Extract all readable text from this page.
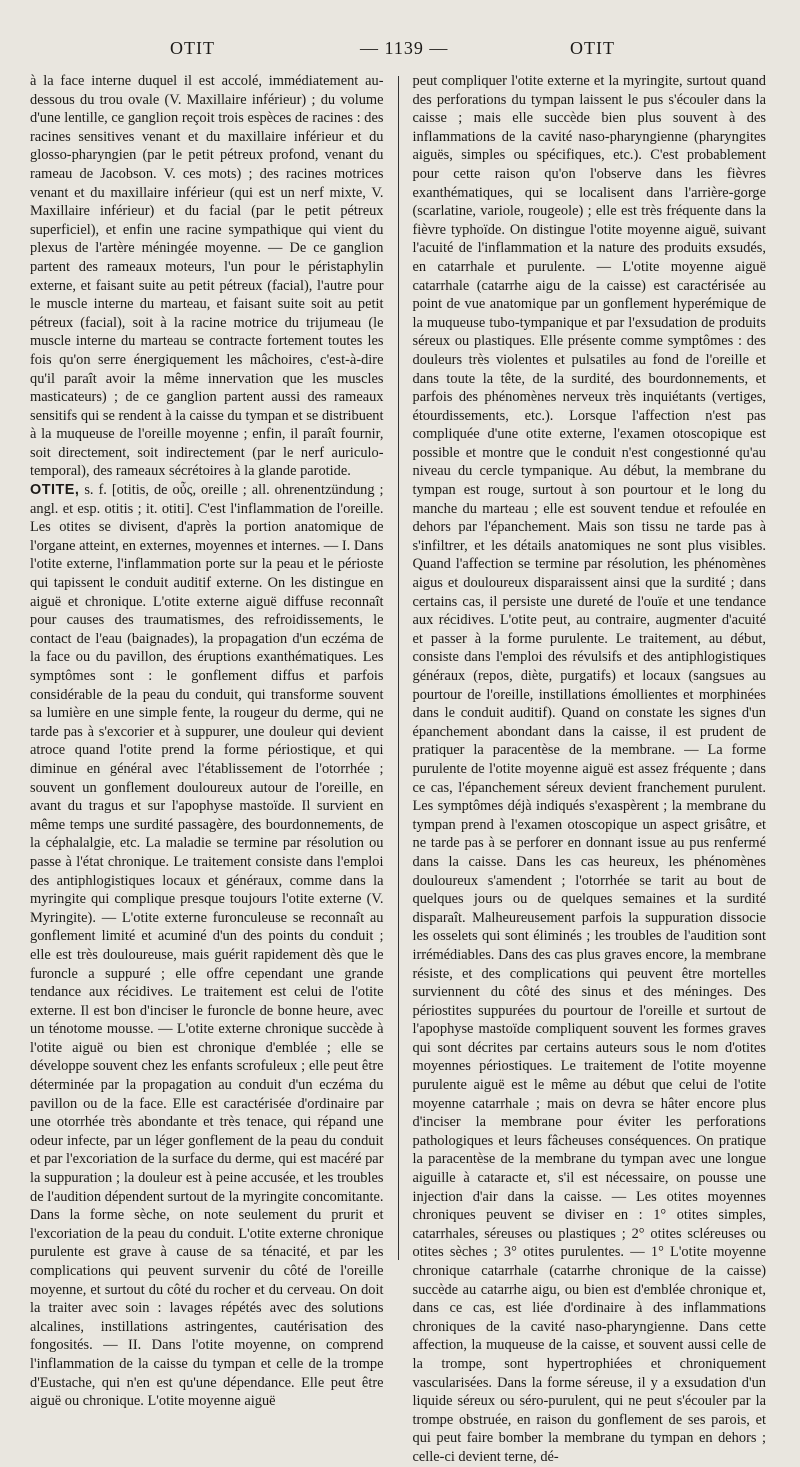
OTIT	— 1139 —	OTIT

à la face interne duquel il est accolé, immédiatement au-dessous du trou ovale (V. Maxillaire inférieur) ; du volume d'une lentille, ce ganglion reçoit trois espèces de racines : des racines sensitives venant et du maxillaire inférieur et du glosso-pharyngien (par le petit pétreux profond, venant du rameau de Jacobson. V. ces mots) ; des racines motrices venant et du maxillaire inférieur (qui est un nerf mixte, V. Maxillaire inférieur) et du facial (par le petit pétreux superficiel), et enfin une racine sympathique qui vient du plexus de l'artère méningée moyenne. — De ce ganglion partent des rameaux moteurs, l'un pour le péristaphylin externe, et faisant suite au petit pétreux (facial), l'autre pour le muscle interne du marteau, et faisant suite soit au petit pétreux (facial), soit à la racine motrice du trijumeau (le muscle interne du marteau se contracte fortement toutes les fois qu'on serre énergiquement les mâchoires, c'est-à-dire qu'il paraît avoir la même innervation que les muscles masticateurs) ; de ce ganglion partent aussi des rameaux sensitifs qui se rendent à la caisse du tympan et se distribuent à la muqueuse de l'oreille moyenne ; enfin, il paraît fournir, soit directement, soit indirectement (par le nerf auriculo-temporal), des rameaux sécrétoires à la glande parotide.

OTITE, s. f. [otitis, de οὖς, oreille ; all. ohrenentzündung ; angl. et esp. otitis ; it. otiti]. C'est l'inflammation de l'oreille. Les otites se divisent, d'après la portion anatomique de l'organe atteint, en externes, moyennes et internes. — I. Dans l'otite externe, l'inflammation porte sur la peau et le périoste qui tapissent le conduit auditif externe. On les distingue en aiguë et chronique. L'otite externe aiguë diffuse reconnaît pour causes des traumatismes, des refroidissements, le contact de l'eau (baignades), la propagation d'un eczéma de la face ou du pavillon, des éruptions exanthématiques. Les symptômes sont : le gonflement diffus et parfois considérable de la peau du conduit, qui transforme souvent sa lumière en une simple fente, la rougeur du derme, qui ne tarde pas à s'excorier et à suppurer, une douleur qui devient atroce quand l'otite prend la forme périostique, et qui diminue en général avec l'établissement de l'otorrhée ; souvent un gonflement douloureux autour de l'oreille, en avant du tragus et sur l'apophyse mastoïde. Il survient en même temps une surdité passagère, des bourdonnements, de la céphalalgie, etc. La maladie se termine par résolution ou passe à l'état chronique. Le traitement consiste dans l'emploi des antiphlogistiques locaux et généraux, comme dans la myringite qui complique presque toujours l'otite externe (V. Myringite). — L'otite externe furonculeuse se reconnaît au gonflement limité et acuminé d'un des points du conduit ; elle est très douloureuse, mais guérit rapidement dès que le furoncle a suppuré ; elle offre cependant une grande tendance aux récidives. Le traitement est celui de l'otite externe. Il est bon d'inciser le furoncle de bonne heure, avec un ténotome mousse. — L'otite externe chronique succède à l'otite aiguë ou bien est chronique d'emblée ; elle se développe souvent chez les enfants scrofuleux ; elle peut être déterminée par la propagation au conduit d'un eczéma du pavillon ou de la face. Elle est caractérisée d'ordinaire par une otorrhée très abondante et très tenace, qui répand une odeur infecte, par un léger gonflement de la peau du conduit et par l'excoriation de la surface du derme, qui est macéré par la suppuration ; la douleur est à peine accusée, et les troubles de l'audition dépendent surtout de la myringite concomitante. Dans la forme sèche, on note seulement du prurit et l'excoriation de la peau du conduit. L'otite externe chronique purulente est grave à cause de sa ténacité, et par les complications qui peuvent survenir du côté de l'oreille moyenne, et surtout du côté du rocher et du cerveau. On doit la traiter avec soin : lavages répétés avec des solutions alcalines, instillations astringentes, cautérisation des fongosités. — II. Dans l'otite moyenne, on comprend l'inflammation de la caisse du tympan et celle de la trompe d'Eustache, qui n'en est qu'une dépendance. Elle peut être aiguë ou chronique. L'otite moyenne aiguë

peut compliquer l'otite externe et la myringite, surtout quand des perforations du tympan laissent le pus s'écouler dans la caisse ; mais elle succède bien plus souvent à des inflammations de la cavité naso-pharyngienne (pharyngites aiguës, simples ou spécifiques, etc.). C'est probablement pour cette raison qu'on l'observe dans les fièvres exanthématiques, qui se localisent dans l'arrière-gorge (scarlatine, variole, rougeole) ; elle est très fréquente dans la fièvre typhoïde. On distingue l'otite moyenne aiguë, suivant l'acuité de l'inflammation et la nature des produits exsudés, en catarrhale et purulente. — L'otite moyenne aiguë catarrhale (catarrhe aigu de la caisse) est caractérisée au point de vue anatomique par un gonflement hyperémique de la muqueuse tubo-tympanique et par l'exsudation de produits séreux ou plastiques. Elle présente comme symptômes : des douleurs très violentes et pulsatiles au fond de l'oreille et dans toute la tête, de la surdité, des bourdonnements, et parfois des phénomènes nerveux très inquiétants (vertiges, étourdissements, etc.). Lorsque l'affection n'est pas compliquée d'une otite externe, l'examen otoscopique est possible et montre que le conduit n'est congestionné qu'au niveau du cercle tympanique. Au début, la membrane du tympan est rouge, surtout à son pourtour et le long du manche du marteau ; elle est souvent tendue et refoulée en dehors par l'épanchement. Mais son tissu ne tarde pas à s'infiltrer, et les détails anatomiques ne sont plus visibles. Quand l'affection se termine par résolution, les phénomènes aigus et douloureux disparaissent ainsi que la surdité ; dans certains cas, il persiste une dureté de l'ouïe et une tendance aux récidives. L'otite peut, au contraire, augmenter d'acuité et passer à la forme purulente. Le traitement, au début, consiste dans l'emploi des révulsifs et des antiphlogistiques généraux (repos, diète, purgatifs) et locaux (sangsues au pourtour de l'oreille, instillations émollientes et morphinées dans le conduit auditif). Quand on constate les signes d'un épanchement abondant dans la caisse, il est prudent de pratiquer la paracentèse de la membrane. — La forme purulente de l'otite moyenne aiguë est assez fréquente ; dans ce cas, l'épanchement séreux devient franchement purulent. Les symptômes déjà indiqués s'exaspèrent ; la membrane du tympan prend à l'examen otoscopique un aspect grisâtre, et ne tarde pas à se perforer en donnant issue au pus renfermé dans la caisse. Dans les cas heureux, les phénomènes douloureux s'amendent ; l'otorrhée se tarit au bout de quelques jours ou de quelques semaines et la surdité disparaît. Malheureusement parfois la suppuration dissocie les osselets qui sont éliminés ; les troubles de l'audition sont irrémédiables. Dans des cas plus graves encore, la membrane résiste, et des complications qui peuvent être mortelles surviennent du côté des sinus et des méninges. Des périostites suppurées du pourtour de l'oreille et surtout de l'apophyse mastoïde compliquent souvent les formes graves qui sont décrites par certains auteurs sous le nom d'otites moyennes périostiques. Le traitement de l'otite moyenne purulente aiguë est le même au début que celui de l'otite moyenne catarrhale ; mais on devra se hâter encore plus d'inciser la membrane pour éviter les perforations pathologiques et leurs fâcheuses conséquences. On pratique la paracentèse de la membrane du tympan avec une longue aiguille à cataracte et, s'il est nécessaire, on pousse une injection d'air dans la caisse. — Les otites moyennes chroniques peuvent se diviser en : 1° otites simples, catarrhales, séreuses ou plastiques ; 2° otites scléreuses ou otites sèches ; 3° otites purulentes. — 1° L'otite moyenne chronique catarrhale (catarrhe chronique de la caisse) succède au catarrhe aigu, ou bien est d'emblée chronique et, dans ce cas, est liée d'ordinaire à des inflammations chroniques de la cavité naso-pharyngienne. Dans cette affection, la muqueuse de la caisse, et souvent aussi celle de la trompe, sont hypertrophiées et chroniquement vascularisées. Dans la forme séreuse, il y a exsudation d'un liquide séreux ou séro-purulent, qui ne peut s'écouler par la trompe obstruée, en raison du gonflement de ses parois, et qui peut faire bomber la membrane du tympan en dehors ; celle-ci devient terne, dé-
